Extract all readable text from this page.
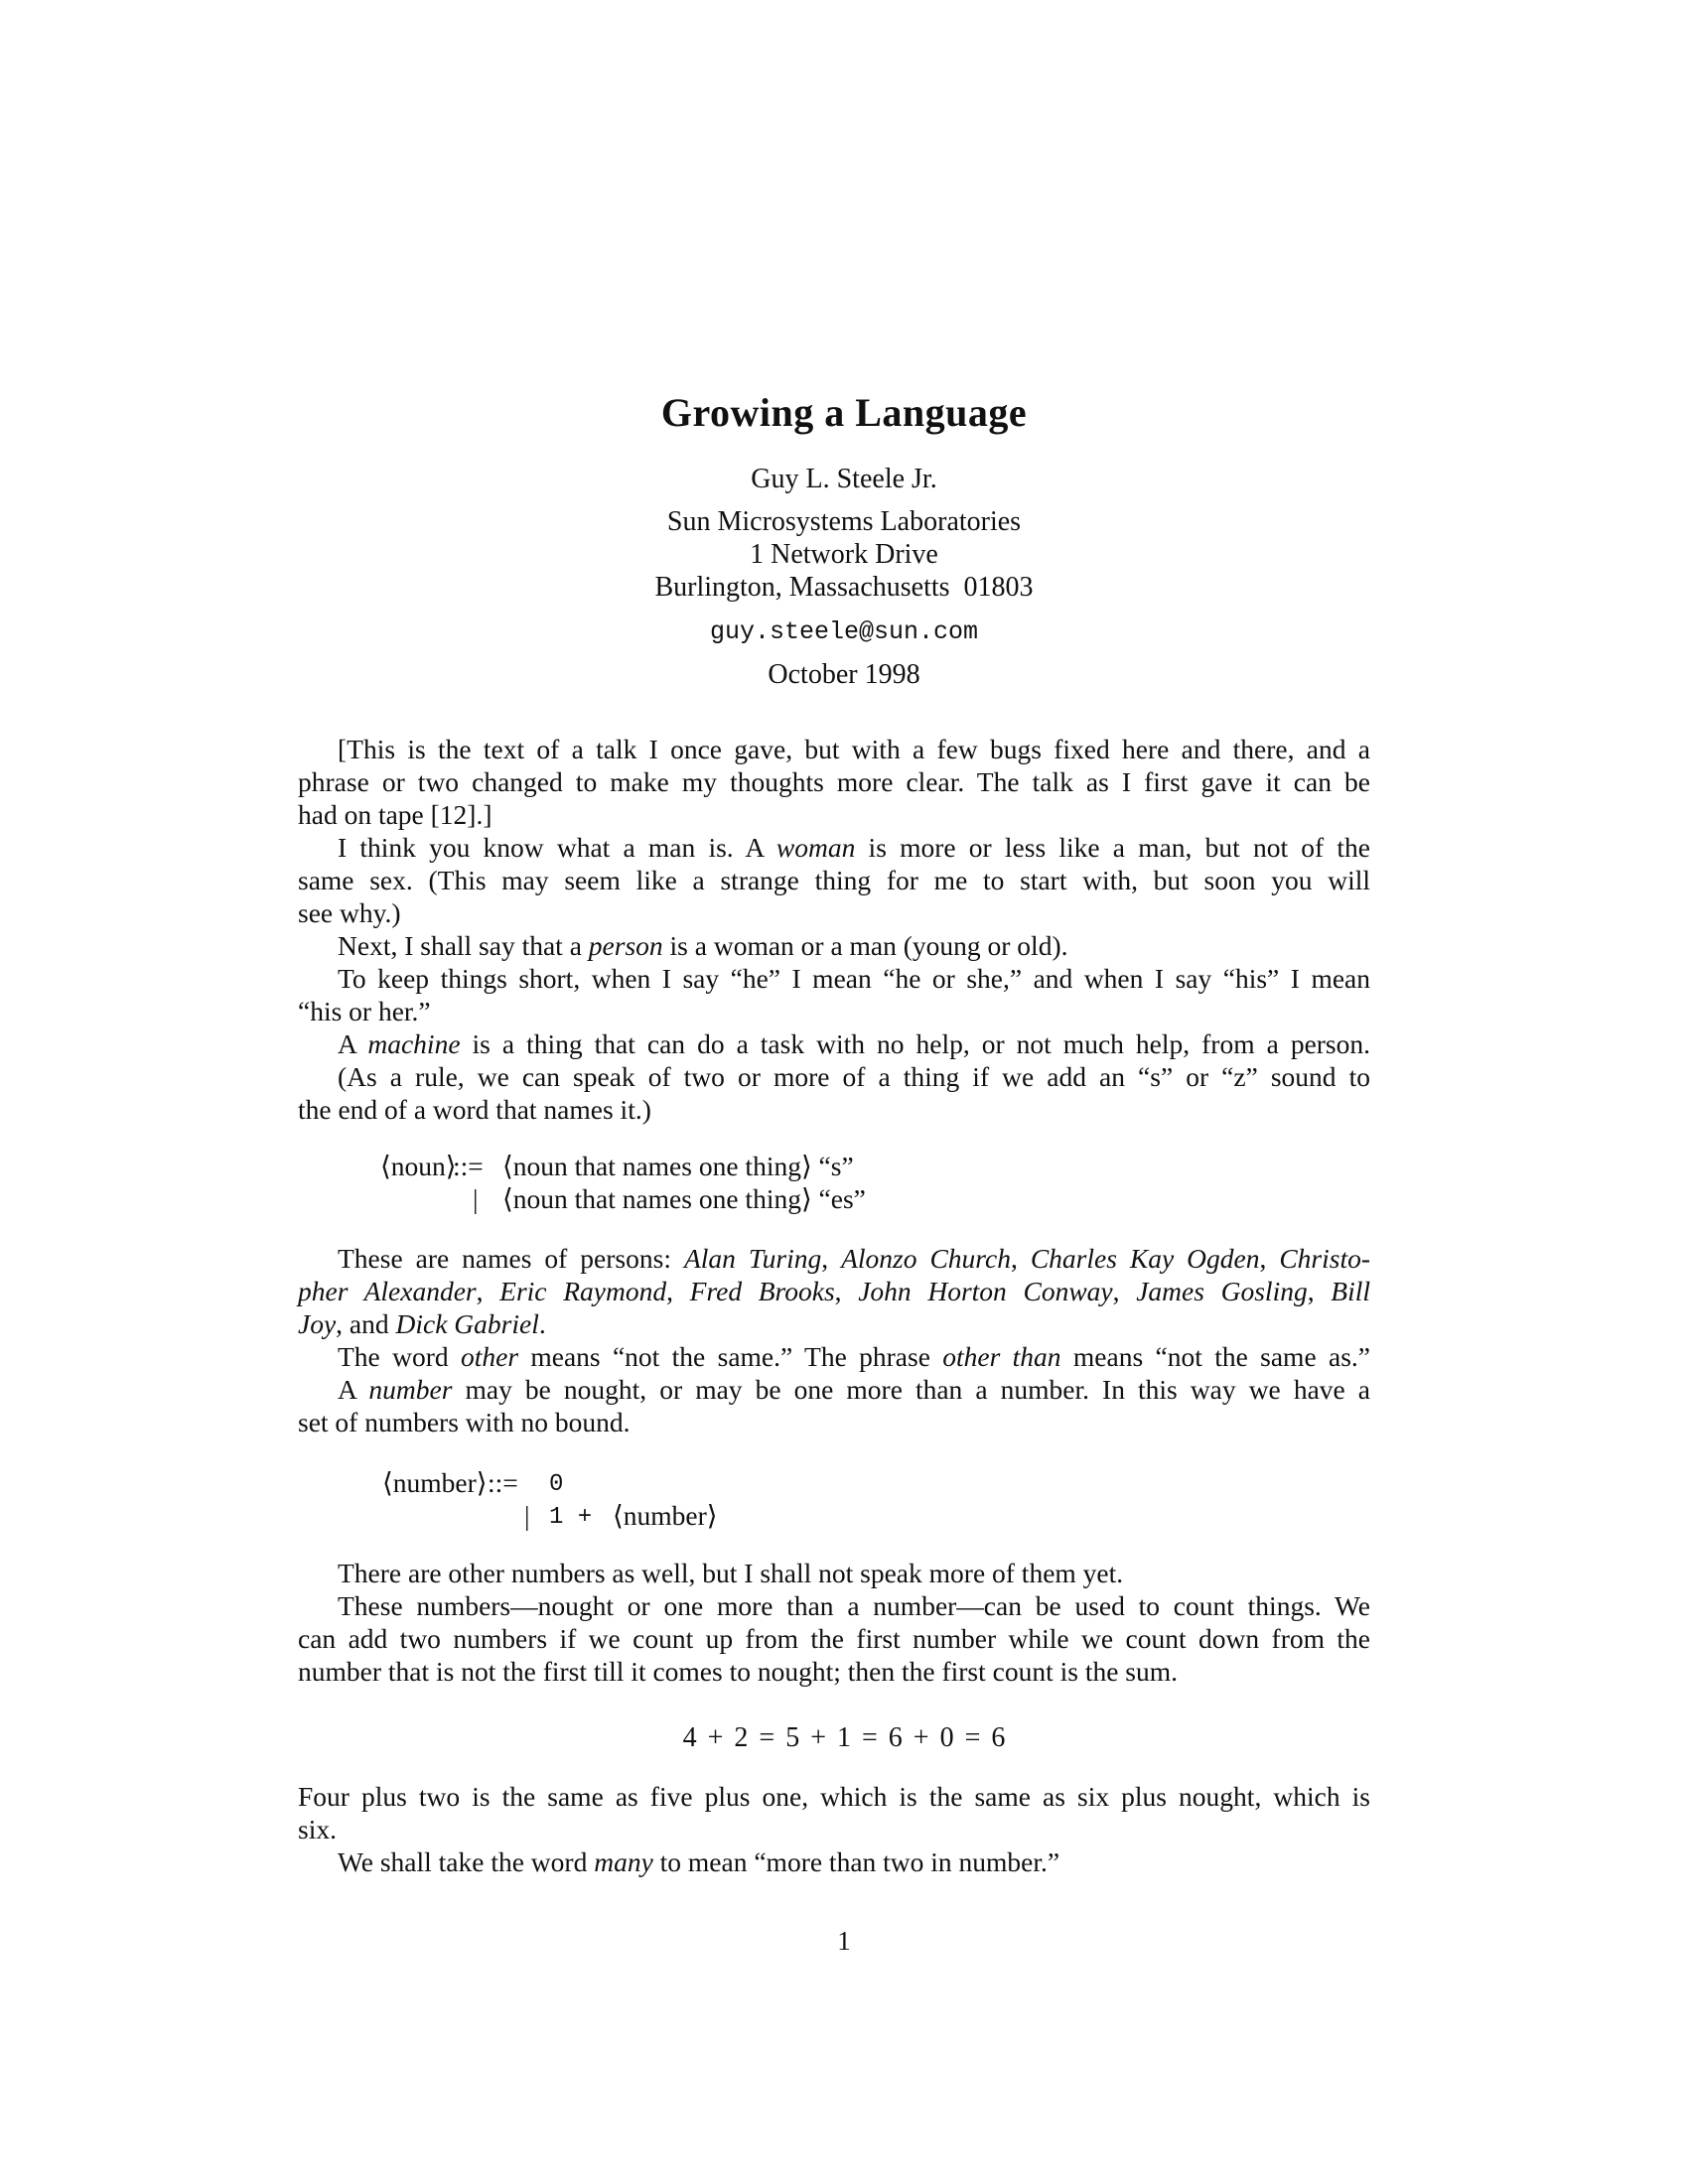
Growing a Language
Guy L. Steele Jr.
Sun Microsystems Laboratories
1 Network Drive
Burlington, Massachusetts  01803
guy.steele@sun.com
October 1998
[This is the text of a talk I once gave, but with a few bugs fixed here and there, and a
phrase or two changed to make my thoughts more clear. The talk as I first gave it can be
had on tape [12].]
I think you know what a man is. A woman is more or less like a man, but not of the
same sex. (This may seem like a strange thing for me to start with, but soon you will
see why.)
Next, I shall say that a person is a woman or a man (young or old).
To keep things short, when I say “he” I mean “he or she,” and when I say “his” I mean
“his or her.”
A machine is a thing that can do a task with no help, or not much help, from a person.
(As a rule, we can speak of two or more of a thing if we add an “s” or “z” sound to
the end of a word that names it.)
⟨noun⟩
::= ⟨noun that names one thing⟩ “s”
| ⟨noun that names one thing⟩ “es”
These are names of persons: Alan Turing, Alonzo Church, Charles Kay Ogden, Christo-
pher Alexander, Eric Raymond, Fred Brooks, John Horton Conway, James Gosling, Bill
Joy, and Dick Gabriel.
The word other means “not the same.” The phrase other than means “not the same as.”
A number may be nought, or may be one more than a number. In this way we have a
set of numbers with no bound.
⟨number⟩ ::= 0
| 1 + ⟨number⟩
There are other numbers as well, but I shall not speak more of them yet.
These numbers—nought or one more than a number—can be used to count things. We
can add two numbers if we count up from the first number while we count down from the
number that is not the first till it comes to nought; then the first count is the sum.
4 + 2 = 5 + 1 = 6 + 0 = 6
Four plus two is the same as five plus one, which is the same as six plus nought, which is
six.
We shall take the word many to mean “more than two in number.”
1
